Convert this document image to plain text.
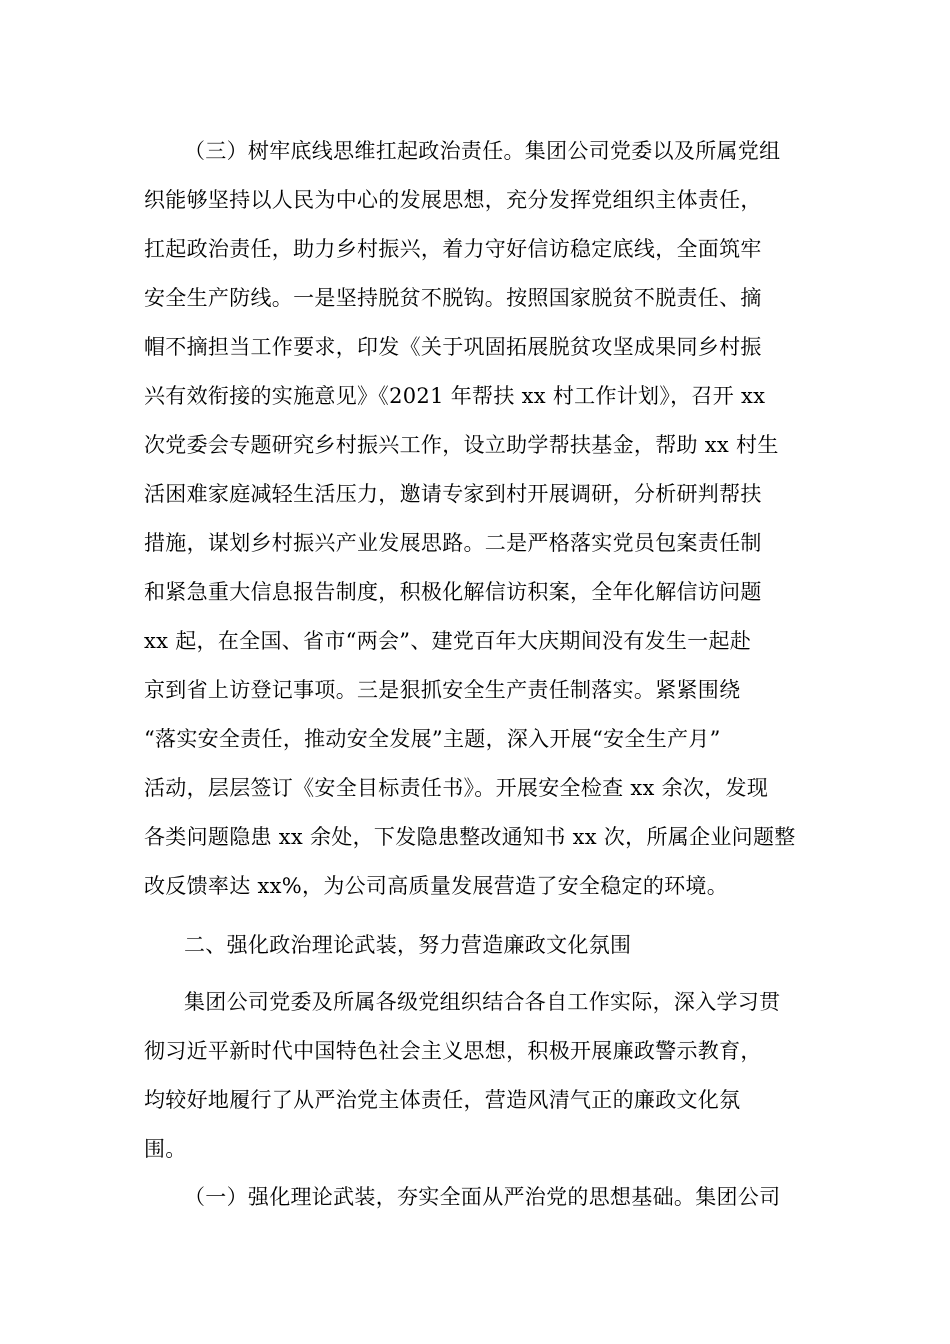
（三）树牢底线思维扛起政治责任。集团公司党委以及所属党组
织能够坚持以人民为中心的发展思想，充分发挥党组织主体责任，
扛起政治责任，助力乡村振兴，着力守好信访稳定底线，全面筑牢
安全生产防线。一是坚持脱贫不脱钩。按照国家脱贫不脱责任、摘
帽不摘担当工作要求，印发《关于巩固拓展脱贫攻坚成果同乡村振
兴有效衔接的实施意见》《2021 年帮扶 xx 村工作计划》，召开 xx
次党委会专题研究乡村振兴工作，设立助学帮扶基金，帮助 xx 村生
活困难家庭减轻生活压力，邀请专家到村开展调研，分析研判帮扶
措施，谋划乡村振兴产业发展思路。二是严格落实党员包案责任制
和紧急重大信息报告制度，积极化解信访积案，全年化解信访问题
xx 起，在全国、省市“两会”、建党百年大庆期间没有发生一起赴
京到省上访登记事项。三是狠抓安全生产责任制落实。紧紧围绕
“落实安全责任，推动安全发展”主题，深入开展“安全生产月”
活动，层层签订《安全目标责任书》。开展安全检查 xx 余次，发现
各类问题隐患 xx 余处，下发隐患整改通知书 xx 次，所属企业问题整
改反馈率达 xx%，为公司高质量发展营造了安全稳定的环境。
二、强化政治理论武装，努力营造廉政文化氛围
集团公司党委及所属各级党组织结合各自工作实际，深入学习贯
彻习近平新时代中国特色社会主义思想，积极开展廉政警示教育，
均较好地履行了从严治党主体责任，营造风清气正的廉政文化氛
围。
（一）强化理论武装，夯实全面从严治党的思想基础。集团公司
